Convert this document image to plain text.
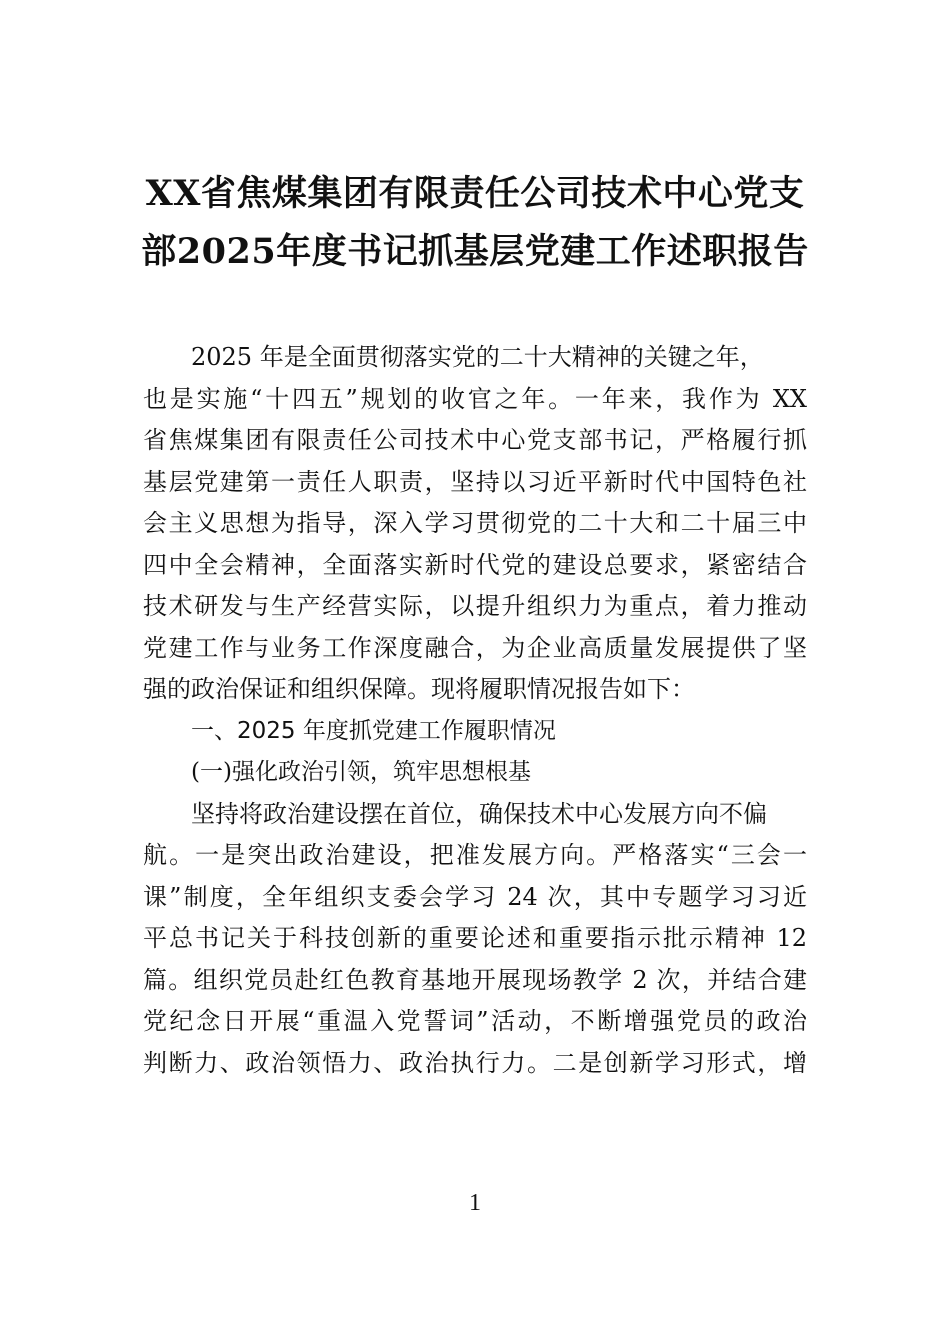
XX省焦煤集团有限责任公司技术中心党支
部2025年度书记抓基层党建工作述职报告
2025 年是全面贯彻落实党的二十大精神的关键之年，
也是实施“十四五”规划的收官之年。一年来，我作为 XX
省焦煤集团有限责任公司技术中心党支部书记，严格履行抓
基层党建第一责任人职责，坚持以习近平新时代中国特色社
会主义思想为指导，深入学习贯彻党的二十大和二十届三中
四中全会精神，全面落实新时代党的建设总要求，紧密结合
技术研发与生产经营实际，以提升组织力为重点，着力推动
党建工作与业务工作深度融合，为企业高质量发展提供了坚
强的政治保证和组织保障。现将履职情况报告如下：
一、2025 年度抓党建工作履职情况
(一)强化政治引领，筑牢思想根基
坚持将政治建设摆在首位，确保技术中心发展方向不偏
航。一是突出政治建设，把准发展方向。严格落实“三会一
课”制度，全年组织支委会学习 24 次，其中专题学习习近
平总书记关于科技创新的重要论述和重要指示批示精神 12
篇。组织党员赴红色教育基地开展现场教学 2 次，并结合建
党纪念日开展“重温入党誓词”活动，不断增强党员的政治
判断力、政治领悟力、政治执行力。二是创新学习形式，增
1
